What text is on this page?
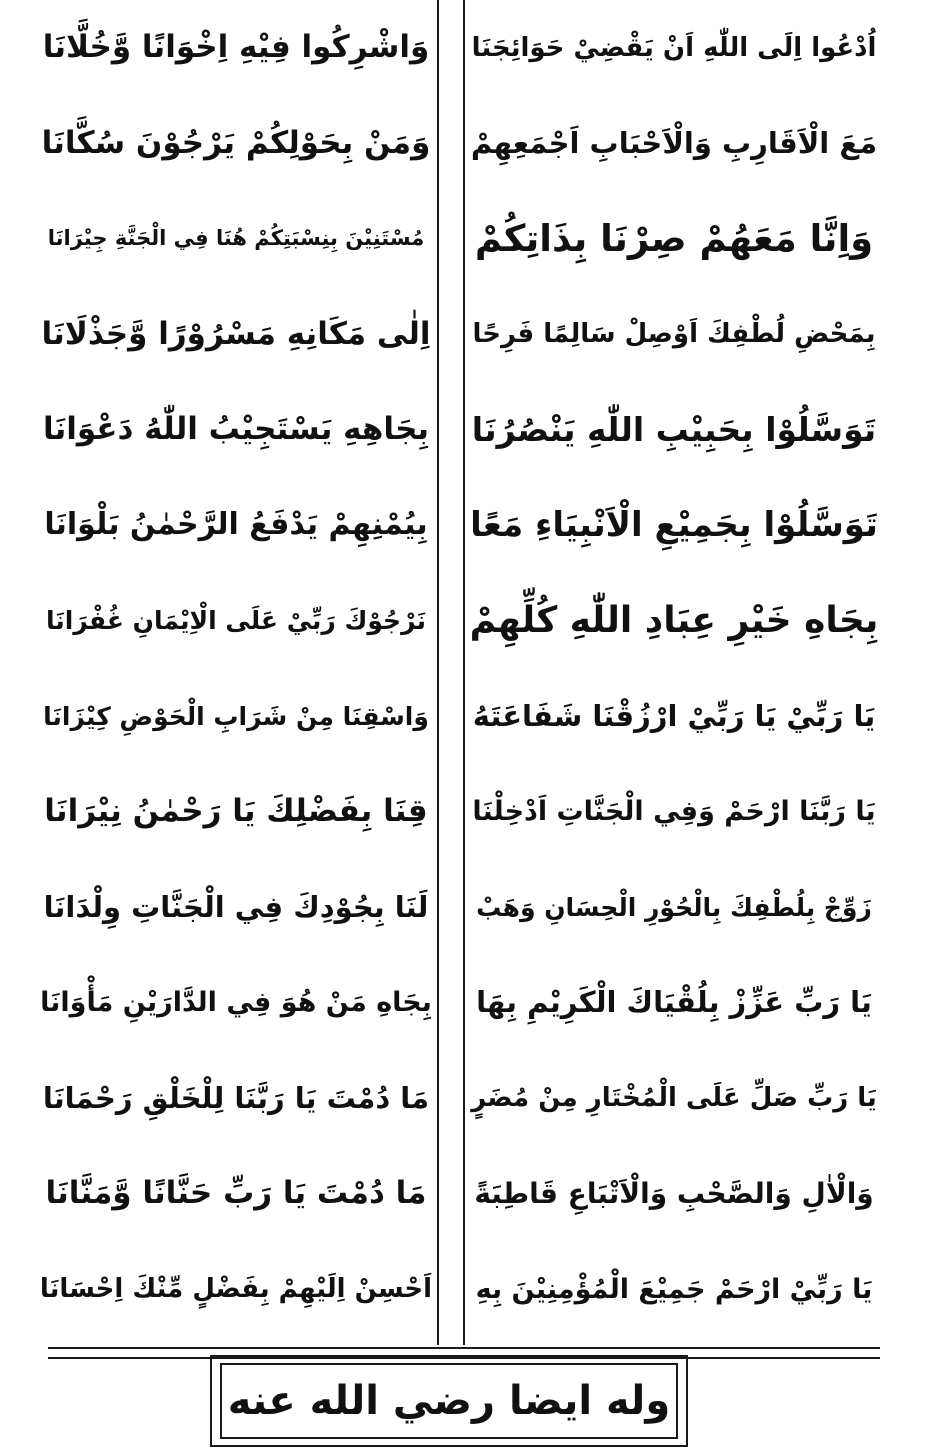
اُدْعُوا اِلَى اللّٰهِ اَنْ يَقْضِيْ حَوَائِجَنَا
مَعَ الْاَقَارِبِ وَالْاَحْبَابِ اَجْمَعِهِمْ
وَاِنَّا مَعَهُمْ صِرْنَا بِذَاتِكُمْ
بِمَحْضِ لُطْفِكَ اَوْصِلْ سَالِمًا فَرِحًا
تَوَسَّلُوْا بِحَبِيْبِ اللّٰهِ يَنْصُرُنَا
تَوَسَّلُوْا بِجَمِيْعِ الْاَنْبِيَاءِ مَعًا
بِجَاهِ خَيْرِ عِبَادِ اللّٰهِ كُلِّهِمْ
يَا رَبِّيْ يَا رَبِّيْ ارْزُقْنَا شَفَاعَتَهُ
يَا رَبَّنَا ارْحَمْ وَفِي الْجَنَّاتِ اَدْخِلْنَا
زَوِّجْ بِلُطْفِكَ بِالْحُوْرِ الْحِسَانِ وَهَبْ
يَا رَبِّ عَزِّزْ بِلُقْيَاكَ الْكَرِيْمِ بِهَا
يَا رَبِّ صَلِّ عَلَى الْمُخْتَارِ مِنْ مُضَرٍ
وَالْاٰلِ وَالصَّحْبِ وَالْاَتْبَاعِ قَاطِبَةً
يَا رَبِّيْ ارْحَمْ جَمِيْعَ الْمُؤْمِنِيْنَ بِهِ
وَاشْرِكُوا فِيْهِ اِخْوَانًا وَّخُلَّانَا
وَمَنْ بِحَوْلِكُمْ يَرْجُوْنَ سُكَّانَا
مُسْتَنِيْنَ بِنِسْبَتِكُمْ هُنَا فِي الْجَنَّةِ جِيْرَانَا
اِلٰى مَكَانِهِ مَسْرُوْرًا وَّجَذْلَانَا
بِجَاهِهِ يَسْتَجِيْبُ اللّٰهُ دَعْوَانَا
بِيُمْنِهِمْ يَدْفَعُ الرَّحْمٰنُ بَلْوَانَا
نَرْجُوْكَ رَبِّيْ عَلَى الْاِيْمَانِ غُفْرَانَا
وَاسْقِنَا مِنْ شَرَابِ الْحَوْضِ كِيْزَانَا
قِنَا بِفَضْلِكَ يَا رَحْمٰنُ نِيْرَانَا
لَنَا بِجُوْدِكَ فِي الْجَنَّاتِ وِلْدَانَا
بِجَاهِ مَنْ هُوَ فِي الدَّارَيْنِ مَأْوَانَا
مَا دُمْتَ يَا رَبَّنَا لِلْخَلْقِ رَحْمَانَا
مَا دُمْتَ يَا رَبِّ حَنَّانًا وَّمَنَّانَا
اَحْسِنْ اِلَيْهِمْ بِفَضْلٍ مِّنْكَ اِحْسَانَا
وله ايضا رضي الله عنه
